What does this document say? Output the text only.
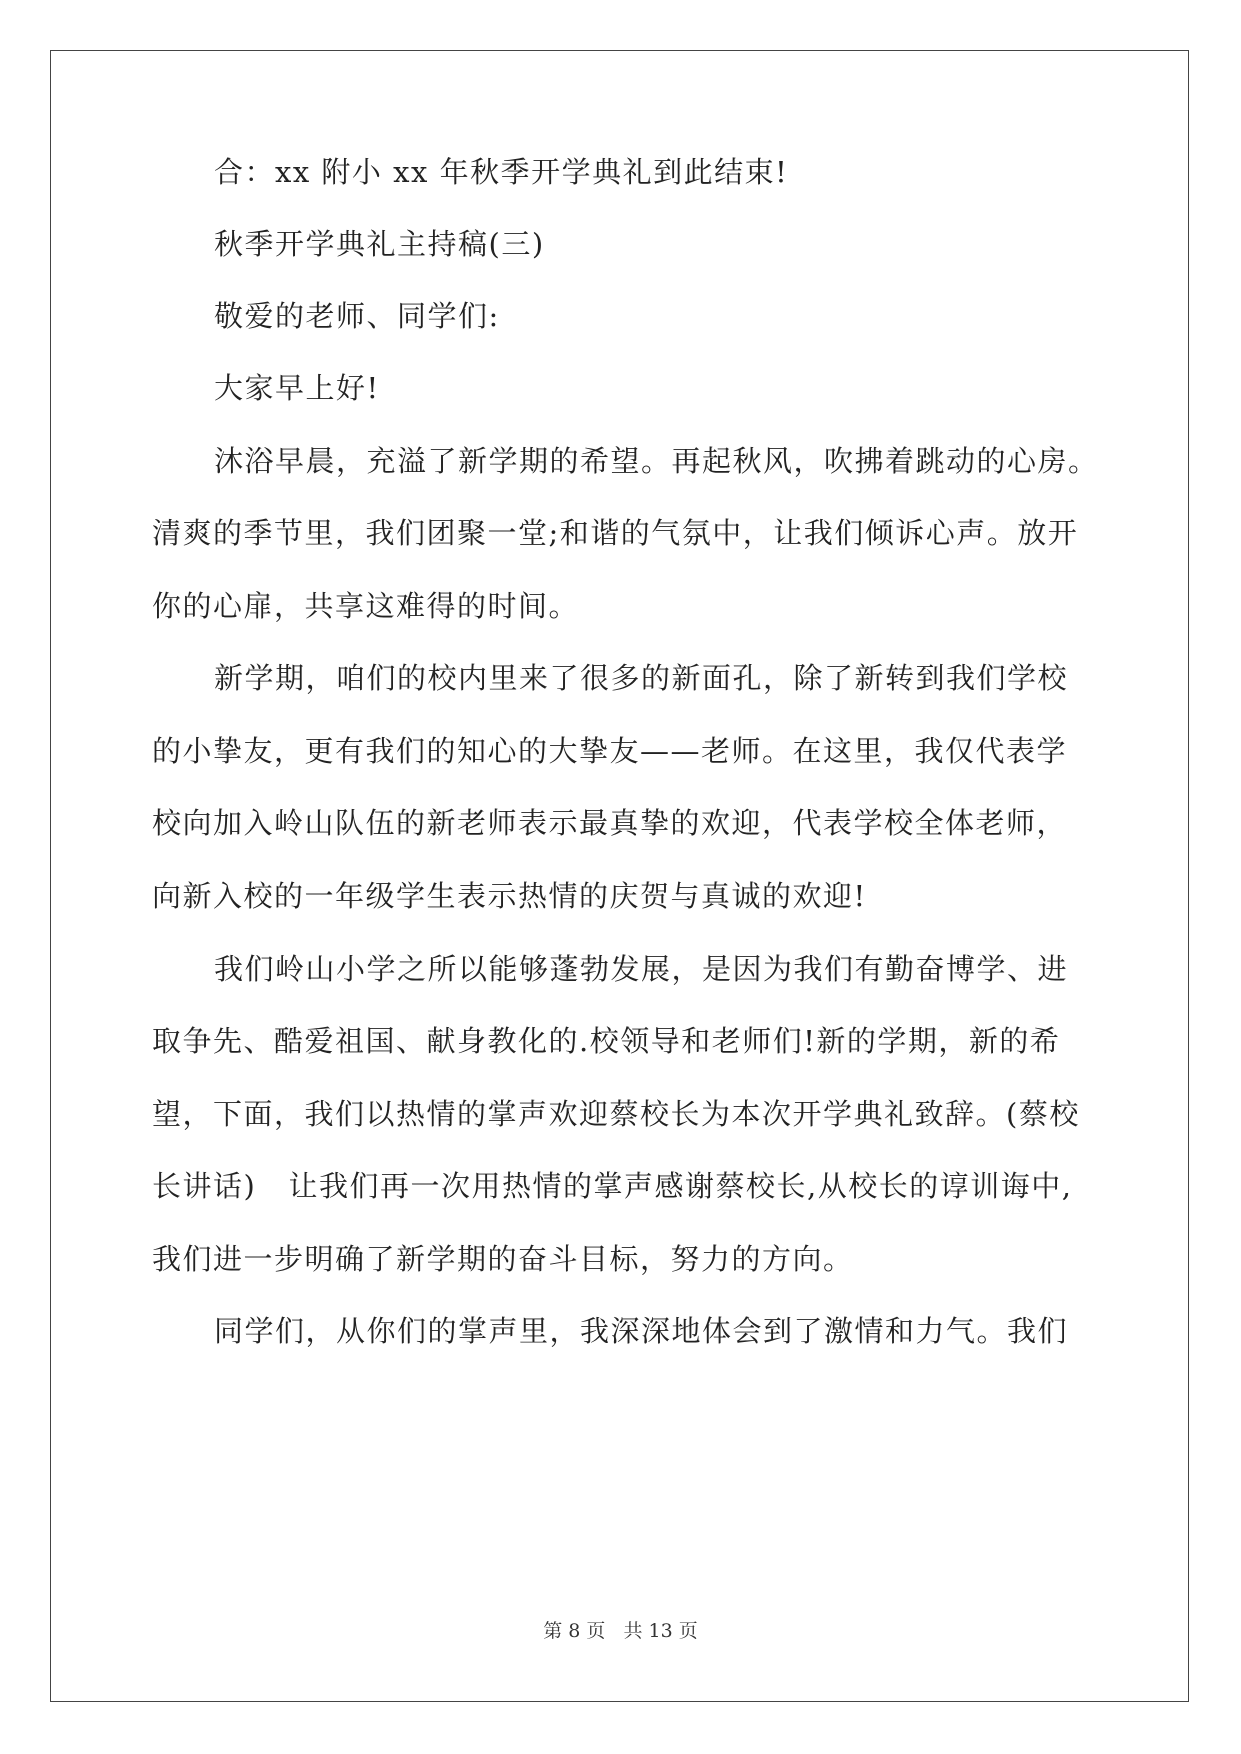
合：xx 附小 xx 年秋季开学典礼到此结束!
秋季开学典礼主持稿(三)
敬爱的老师、同学们:
大家早上好!
沐浴早晨，充溢了新学期的希望。再起秋风，吹拂着跳动的心房。
清爽的季节里，我们团聚一堂;和谐的气氛中，让我们倾诉心声。放开
你的心扉，共享这难得的时间。
新学期，咱们的校内里来了很多的新面孔，除了新转到我们学校
的小挚友，更有我们的知心的大挚友——老师。在这里，我仅代表学
校向加入岭山队伍的新老师表示最真挚的欢迎，代表学校全体老师，
向新入校的一年级学生表示热情的庆贺与真诚的欢迎!
我们岭山小学之所以能够蓬勃发展，是因为我们有勤奋博学、进
取争先、酷爱祖国、献身教化的.校领导和老师们!新的学期，新的希
望，下面，我们以热情的掌声欢迎蔡校长为本次开学典礼致辞。(蔡校
长讲话)   让我们再一次用热情的掌声感谢蔡校长,从校长的谆训诲中,
我们进一步明确了新学期的奋斗目标，努力的方向。
同学们，从你们的掌声里，我深深地体会到了激情和力气。我们
第 8 页   共 13 页
